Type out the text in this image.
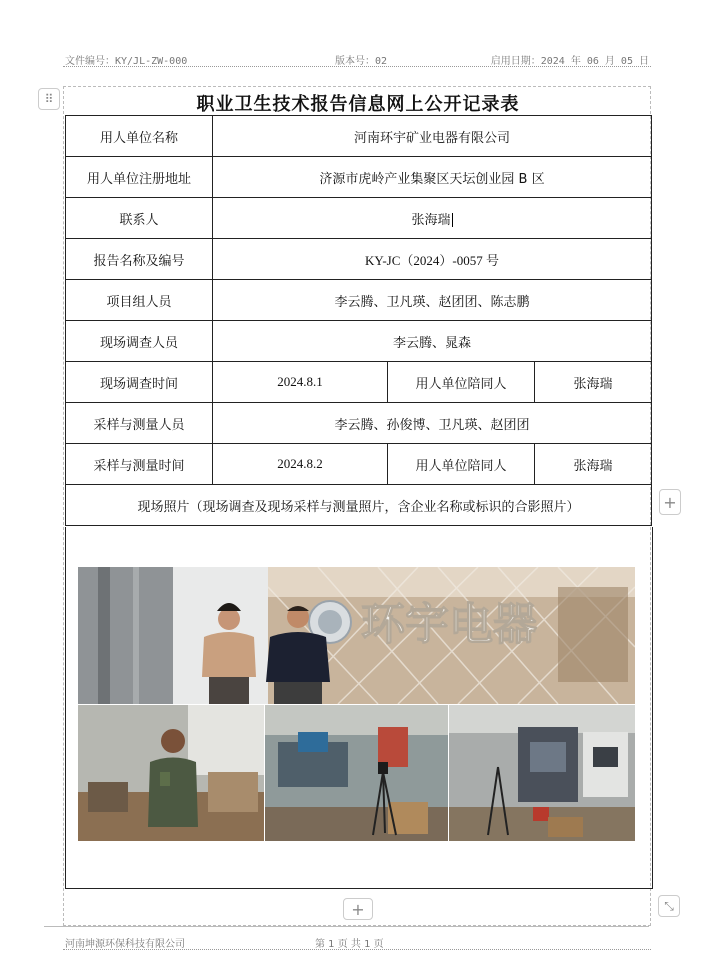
文件编号：KY/JL-ZW-000	版本号：02	启用日期：2024 年 06 月 05 日
⠿
+
+	⤡
职业卫生技术报告信息网上公开记录表
用人单位名称	河南环宇矿业电器有限公司		
用人单位注册地址	济源市虎岭产业集聚区天坛创业园 B 区		
联系人	张海瑞		
报告名称及编号	KY-JC（2024）-0057 号		
项目组人员	李云腾、卫凡瑛、赵团团、陈志鹏		
现场调查人员	李云腾、晁森		
现场调查时间	2024.8.1	用人单位陪同人	张海瑞
采样与测量人员	李云腾、孙俊博、卫凡瑛、赵团团		
采样与测量时间	2024.8.2	用人单位陪同人	张海瑞
现场照片（现场调查及现场采样与测量照片，含企业名称或标识的合影照片）			
环宇电器
河南坤源环保科技有限公司	第 1 页 共 1 页
